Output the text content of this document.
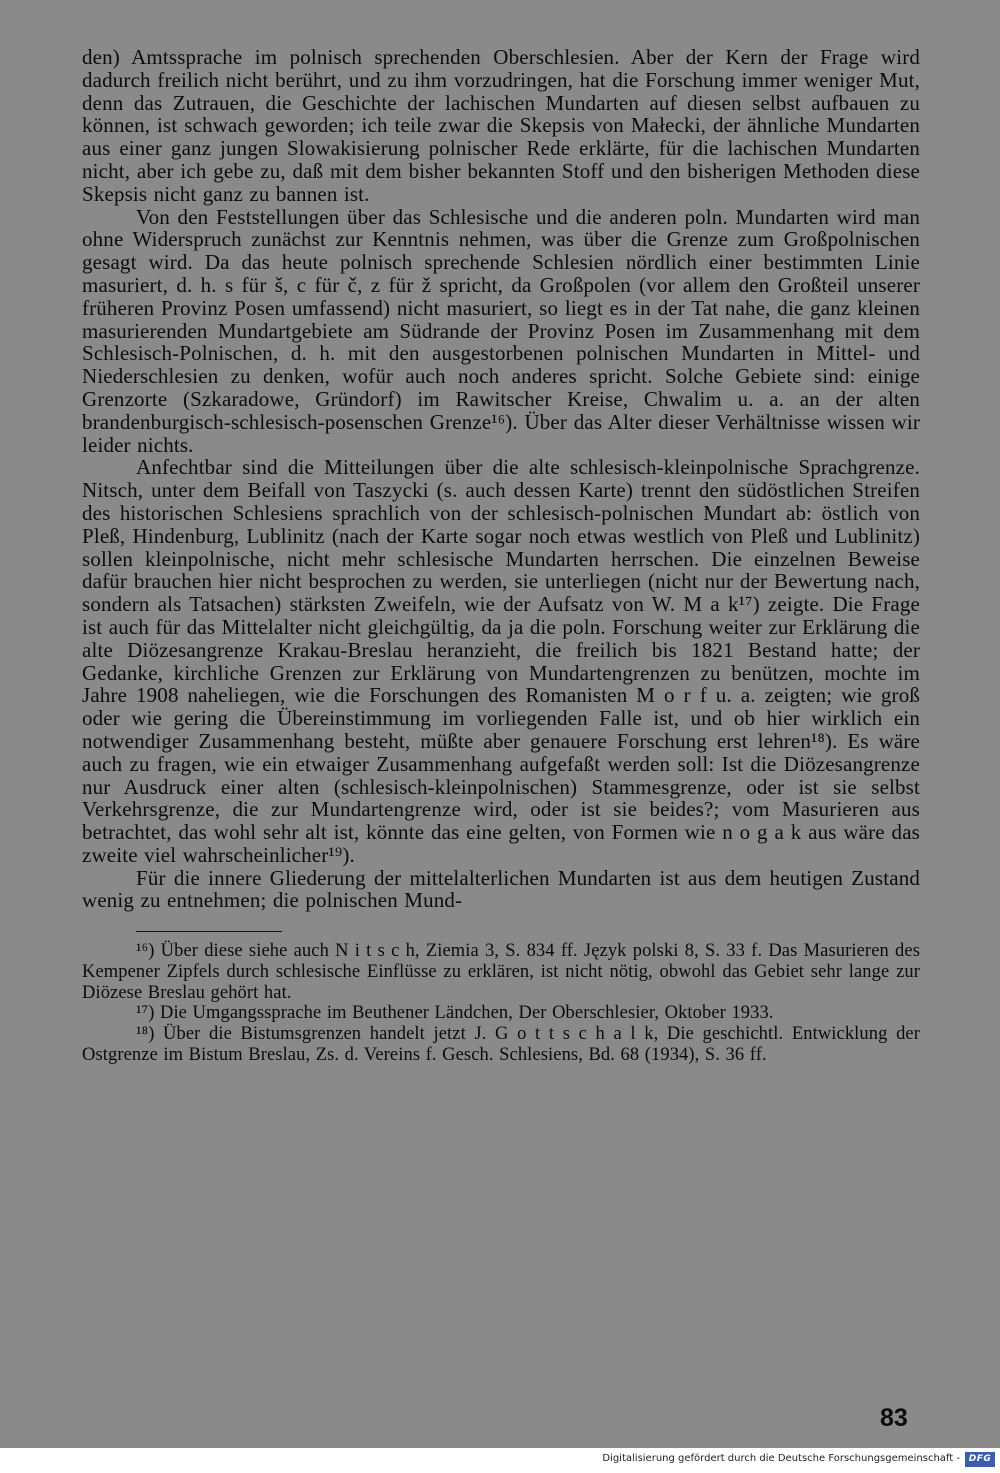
den) Amtssprache im polnisch sprechenden Oberschlesien. Aber der Kern der Frage wird dadurch freilich nicht berührt, und zu ihm vorzudringen, hat die Forschung immer weniger Mut, denn das Zutrauen, die Geschichte der lachischen Mundarten auf diesen selbst aufbauen zu können, ist schwach geworden; ich teile zwar die Skepsis von Małecki, der ähnliche Mundarten aus einer ganz jungen Slowakisierung polnischer Rede erklärte, für die lachischen Mundarten nicht, aber ich gebe zu, daß mit dem bisher bekannten Stoff und den bisherigen Methoden diese Skepsis nicht ganz zu bannen ist.

Von den Feststellungen über das Schlesische und die anderen poln. Mundarten wird man ohne Widerspruch zunächst zur Kenntnis nehmen, was über die Grenze zum Großpolnischen gesagt wird. Da das heute polnisch sprechende Schlesien nördlich einer bestimmten Linie masuriert, d. h. s für š, c für č, z für ž spricht, da Großpolen (vor allem den Großteil unserer früheren Provinz Posen umfassend) nicht masuriert, so liegt es in der Tat nahe, die ganz kleinen masurierenden Mundartgebiete am Südrande der Provinz Posen im Zusammenhang mit dem Schlesisch-Polnischen, d. h. mit den ausgestorbenen polnischen Mundarten in Mittel- und Niederschlesien zu denken, wofür auch noch anderes spricht. Solche Gebiete sind: einige Grenzorte (Szkaradowe, Gründorf) im Rawitscher Kreise, Chwalim u. a. an der alten brandenburgisch-schlesisch-posenschen Grenze¹⁶). Über das Alter dieser Verhältnisse wissen wir leider nichts.

Anfechtbar sind die Mitteilungen über die alte schlesisch-kleinpolnische Sprachgrenze. Nitsch, unter dem Beifall von Taszycki (s. auch dessen Karte) trennt den südöstlichen Streifen des historischen Schlesiens sprachlich von der schlesisch-polnischen Mundart ab: östlich von Pleß, Hindenburg, Lublinitz (nach der Karte sogar noch etwas westlich von Pleß und Lublinitz) sollen kleinpolnische, nicht mehr schlesische Mundarten herrschen. Die einzelnen Beweise dafür brauchen hier nicht besprochen zu werden, sie unterliegen (nicht nur der Bewertung nach, sondern als Tatsachen) stärksten Zweifeln, wie der Aufsatz von W. M a k¹⁷) zeigte. Die Frage ist auch für das Mittelalter nicht gleichgültig, da ja die poln. Forschung weiter zur Erklärung die alte Diözesangrenze Krakau-Breslau heranzieht, die freilich bis 1821 Bestand hatte; der Gedanke, kirchliche Grenzen zur Erklärung von Mundartengrenzen zu benützen, mochte im Jahre 1908 naheliegen, wie die Forschungen des Romanisten M o r f u. a. zeigten; wie groß oder wie gering die Übereinstimmung im vorliegenden Falle ist, und ob hier wirklich ein notwendiger Zusammenhang besteht, müßte aber genauere Forschung erst lehren¹⁸). Es wäre auch zu fragen, wie ein etwaiger Zusammenhang aufgefaßt werden soll: Ist die Diözesangrenze nur Ausdruck einer alten (schlesisch-kleinpolnischen) Stammesgrenze, oder ist sie selbst Verkehrsgrenze, die zur Mundartengrenze wird, oder ist sie beides?; vom Masurieren aus betrachtet, das wohl sehr alt ist, könnte das eine gelten, von Formen wie n o g a k aus wäre das zweite viel wahrscheinlicher¹⁹).

Für die innere Gliederung der mittelalterlichen Mundarten ist aus dem heutigen Zustand wenig zu entnehmen; die polnischen Mund-

¹⁶) Über diese siehe auch N i t s c h, Ziemia 3, S. 834 ff. Język polski 8, S. 33 f. Das Masurieren des Kempener Zipfels durch schlesische Einflüsse zu erklären, ist nicht nötig, obwohl das Gebiet sehr lange zur Diözese Breslau gehört hat.

¹⁷) Die Umgangssprache im Beuthener Ländchen, Der Oberschlesier, Oktober 1933.

¹⁸) Über die Bistumsgrenzen handelt jetzt J. G o t t s c h a l k, Die geschichtl. Entwicklung der Ostgrenze im Bistum Breslau, Zs. d. Vereins f. Gesch. Schlesiens, Bd. 68 (1934), S. 36 ff.

83
Digitalisierung gefördert durch die Deutsche Forschungsgemeinschaft - DFG
